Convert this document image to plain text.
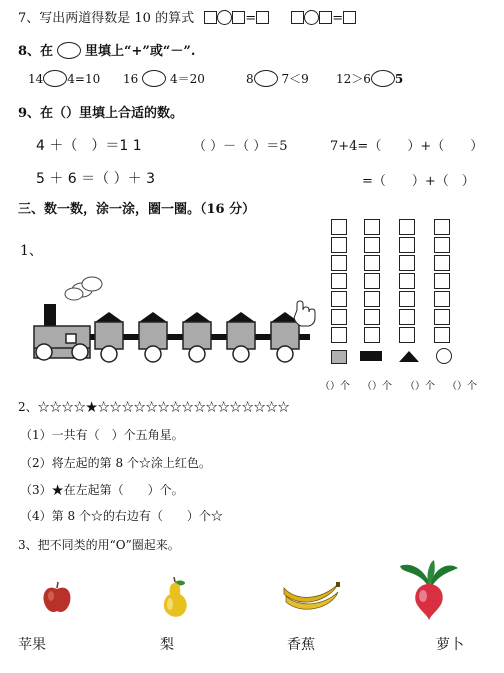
7、写出两道得数是 10 的算式	=	=
8、在 里填上“+”或“－”.
14 4=10 16	4＝20	8 7＜9 12＞6 5
9、在（）里填上合适的数。
4 ＋（　）＝1 1	（ ）－（ ）＝5	7+4=（　　）+（　　）
5 ＋ 6 ＝（ ）＋ 3	=（　　）+（　）
三、数一数，涂一涂，圈一圈。（16 分）
1、
（）个 （）个 （）个 （）个
2、☆☆☆☆★☆☆☆☆☆☆☆☆☆☆☆☆☆☆☆☆
（1）一共有（　）个五角星。
（2）将左起的第 8 个☆涂上红色。
（3）★在左起第（　　）个。
（4）第 8 个☆的右边有（　　）个☆
3、把不同类的用“O”圈起来。
苹果	梨	香蕉	萝卜
